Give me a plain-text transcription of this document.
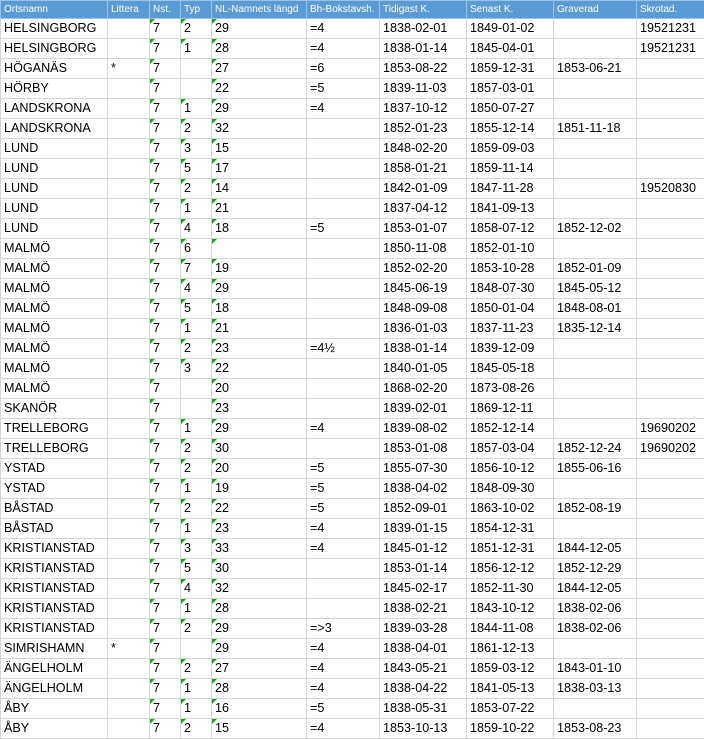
Ortsnamn	Littera	Nst.	Typ	NL-Namnets längd	Bh-Bokstavsh.	Tidigast K.	Senast K.	Graverad	Skrotad.
HELSINGBORG		7	2	29	=4	1838-02-01	1849-01-02		19521231
HELSINGBORG		7	1	28	=4	1838-01-14	1845-04-01		19521231
HÖGANÄS	*	7		27	=6	1853-08-22	1859-12-31	1853-06-21	
HÖRBY		7		22	=5	1839-11-03	1857-03-01		
LANDSKRONA		7	1	29	=4	1837-10-12	1850-07-27		
LANDSKRONA		7	2	32		1852-01-23	1855-12-14	1851-11-18	
LUND		7	3	15		1848-02-20	1859-09-03		
LUND		7	5	17		1858-01-21	1859-11-14		
LUND		7	2	14		1842-01-09	1847-11-28		19520830
LUND		7	1	21		1837-04-12	1841-09-13		
LUND		7	4	18	=5	1853-01-07	1858-07-12	1852-12-02	
MALMÖ		7	6			1850-11-08	1852-01-10		
MALMÖ		7	7	19		1852-02-20	1853-10-28	1852-01-09	
MALMÖ		7	4	29		1845-06-19	1848-07-30	1845-05-12	
MALMÖ		7	5	18		1848-09-08	1850-01-04	1848-08-01	
MALMÖ		7	1	21		1836-01-03	1837-11-23	1835-12-14	
MALMÖ		7	2	23	=4½	1838-01-14	1839-12-09		
MALMÖ		7	3	22		1840-01-05	1845-05-18		
MALMÖ		7		20		1868-02-20	1873-08-26		
SKANÖR		7		23		1839-02-01	1869-12-11		
TRELLEBORG		7	1	29	=4	1839-08-02	1852-12-14		19690202
TRELLEBORG		7	2	30		1853-01-08	1857-03-04	1852-12-24	19690202
YSTAD		7	2	20	=5	1855-07-30	1856-10-12	1855-06-16	
YSTAD		7	1	19	=5	1838-04-02	1848-09-30		
BÅSTAD		7	2	22	=5	1852-09-01	1863-10-02	1852-08-19	
BÅSTAD		7	1	23	=4	1839-01-15	1854-12-31		
KRISTIANSTAD		7	3	33	=4	1845-01-12	1851-12-31	1844-12-05	
KRISTIANSTAD		7	5	30		1853-01-14	1856-12-12	1852-12-29	
KRISTIANSTAD		7	4	32		1845-02-17	1852-11-30	1844-12-05	
KRISTIANSTAD		7	1	28		1838-02-21	1843-10-12	1838-02-06	
KRISTIANSTAD		7	2	29	=>3	1839-03-28	1844-11-08	1838-02-06	
SIMRISHAMN	*	7		29	=4	1838-04-01	1861-12-13		
ÄNGELHOLM		7	2	27	=4	1843-05-21	1859-03-12	1843-01-10	
ÄNGELHOLM		7	1	28	=4	1838-04-22	1841-05-13	1838-03-13	
ÅBY		7	1	16	=5	1838-05-31	1853-07-22		
ÅBY		7	2	15	=4	1853-10-13	1859-10-22	1853-08-23	
